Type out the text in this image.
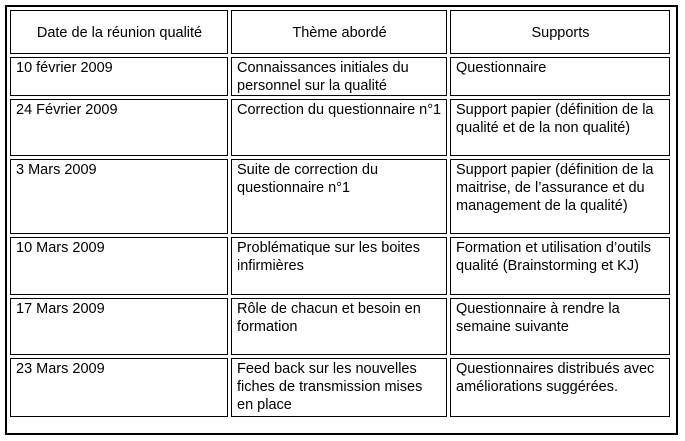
Date de la réunion qualité	Thème abordé	Supports
10 février 2009	Connaissances initiales du personnel sur la qualité	Questionnaire
24 Février 2009	Correction du questionnaire n°1	Support papier (définition de la qualité et de la non qualité)
3 Mars 2009	Suite de correction du questionnaire n°1	Support papier (définition de la maitrise, de l’assurance et du management de la qualité)
10 Mars 2009	Problématique sur les boites infirmières	Formation et utilisation d’outils qualité (Brainstorming et KJ)
17 Mars 2009	Rôle de chacun et besoin en formation	Questionnaire à rendre la semaine suivante
23 Mars 2009	Feed back sur les nouvelles fiches de transmission mises en place	Questionnaires distribués avec améliorations suggérées.
